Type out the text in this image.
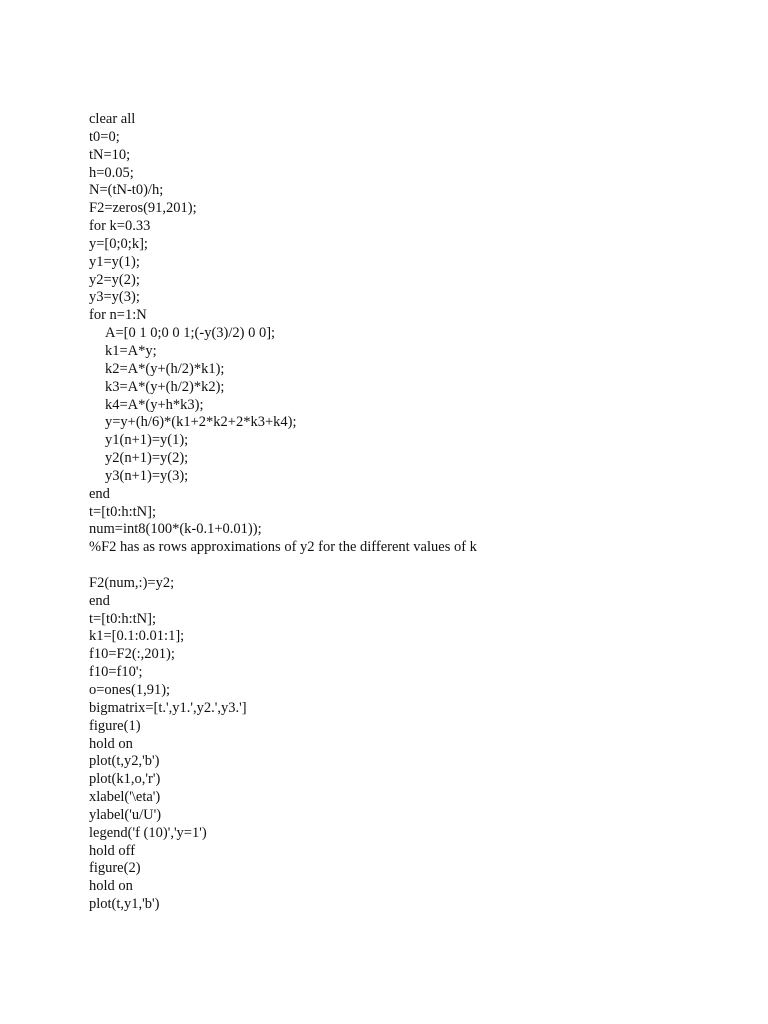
clear all
t0=0;
tN=10;
h=0.05;
N=(tN-t0)/h;
F2=zeros(91,201);
for k=0.33
y=[0;0;k];
y1=y(1);
y2=y(2);
y3=y(3);
for n=1:N
A=[0 1 0;0 0 1;(-y(3)/2) 0 0];
k1=A*y;
k2=A*(y+(h/2)*k1);
k3=A*(y+(h/2)*k2);
k4=A*(y+h*k3);
y=y+(h/6)*(k1+2*k2+2*k3+k4);
y1(n+1)=y(1);
y2(n+1)=y(2);
y3(n+1)=y(3);
end
t=[t0:h:tN];
num=int8(100*(k-0.1+0.01));
%F2 has as rows approximations of y2 for the different values of k
F2(num,:)=y2;
end
t=[t0:h:tN];
k1=[0.1:0.01:1];
f10=F2(:,201);
f10=f10';
o=ones(1,91);
bigmatrix=[t.',y1.',y2.',y3.']
figure(1)
hold on
plot(t,y2,'b')
plot(k1,o,'r')
xlabel('\eta')
ylabel('u/U')
legend('f (10)','y=1')
hold off
figure(2)
hold on
plot(t,y1,'b')
